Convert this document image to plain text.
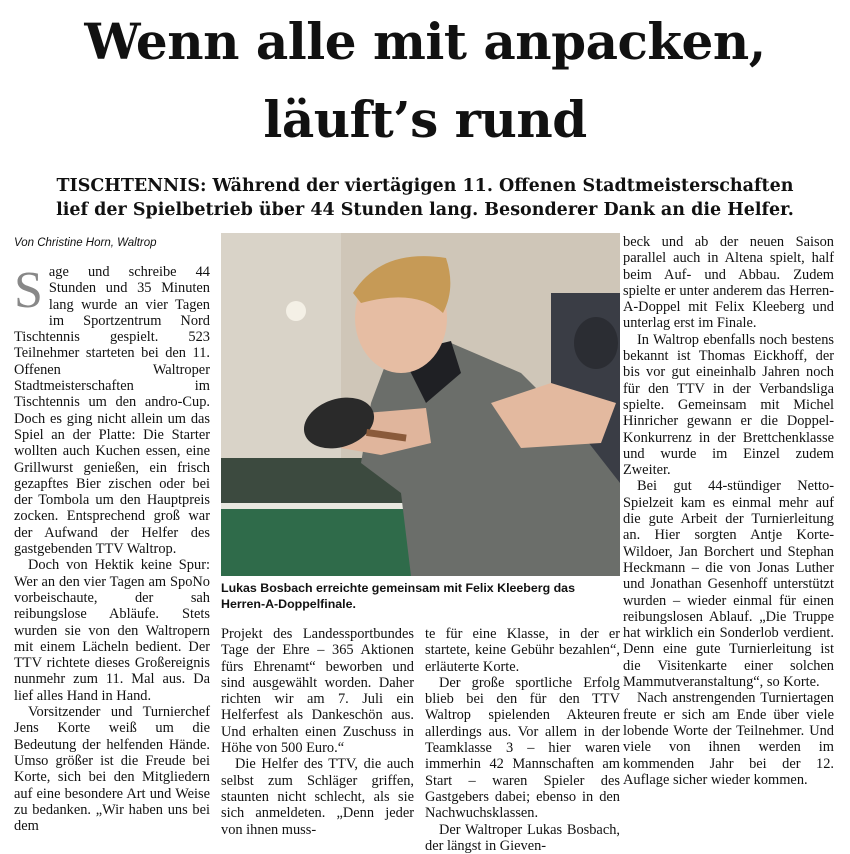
Wenn alle mit anpacken,
läuft’s rund
TISCHTENNIS: Während der viertägigen 11. Offenen Stadtmeisterschaften
lief der Spielbetrieb über 44 Stunden lang. Besonderer Dank an die Helfer.
Von Christine Horn, Waltrop

Sage und schreibe 44 Stunden und 35 Minuten lang wurde an vier Tagen im Sportzentrum Nord Tischtennis gespielt. 523 Teilnehmer starteten bei den 11. Offenen Waltroper Stadtmeisterschaften im Tischtennis um den andro-Cup. Doch es ging nicht allein um das Spiel an der Platte: Die Starter wollten auch Kuchen essen, eine Grillwurst genießen, ein frisch gezapftes Bier zischen oder bei der Tombola um den Hauptpreis zocken. Entsprechend groß war der Aufwand der Helfer des gastgebenden TTV Waltrop.

Doch von Hektik keine Spur: Wer an den vier Tagen am SpoNo vorbeischaute, der sah reibungslose Abläufe. Stets wurden sie von den Waltropern mit einem Lächeln bedient. Der TTV richtete dieses Großereignis nunmehr zum 11. Mal aus. Da lief alles Hand in Hand.

Vorsitzender und Turnierchef Jens Korte weiß um die Bedeutung der helfenden Hände. Umso größer ist die Freude bei Korte, sich bei den Mitgliedern auf eine besondere Art und Weise zu bedanken. „Wir haben uns bei dem

Lukas Bosbach erreichte gemeinsam mit Felix Kleeberg das Herren-A-Doppelfinale.

Projekt des Landessportbundes Tage der Ehre – 365 Aktionen fürs Ehrenamt“ beworben und sind ausgewählt worden. Daher richten wir am 7. Juli ein Helferfest als Dankeschön aus. Und erhalten einen Zuschuss in Höhe von 500 Euro.“

Die Helfer des TTV, die auch selbst zum Schläger griffen, staunten nicht schlecht, als sie sich anmeldeten. „Denn jeder von ihnen muss-

te für eine Klasse, in der er startete, keine Gebühr bezahlen“, erläuterte Korte.

Der große sportliche Erfolg blieb bei den für den TTV Waltrop spielenden Akteuren allerdings aus. Vor allem in der Teamklasse 3 – hier waren immerhin 42 Mannschaften am Start – waren Spieler des Gastgebers dabei; ebenso in den Nachwuchsklassen.

Der Waltroper Lukas Bosbach, der längst in Gieven-

beck und ab der neuen Saison parallel auch in Altena spielt, half beim Auf- und Abbau. Zudem spielte er unter anderem das Herren-A-Doppel mit Felix Kleeberg und unterlag erst im Finale.

In Waltrop ebenfalls noch bestens bekannt ist Thomas Eickhoff, der bis vor gut eineinhalb Jahren noch für den TTV in der Verbandsliga spielte. Gemeinsam mit Michel Hinricher gewann er die Doppel-Konkurrenz in der Brettchenklasse und wurde im Einzel zudem Zweiter.

Bei gut 44-stündiger Netto-Spielzeit kam es einmal mehr auf die gute Arbeit der Turnierleitung an. Hier sorgten Antje Korte-Wildoer, Jan Borchert und Stephan Heckmann – die von Jonas Luther und Jonathan Gesenhoff unterstützt wurden – wieder einmal für einen reibungslosen Ablauf. „Die Truppe hat wirklich ein Sonderlob verdient. Denn eine gute Turnierleitung ist die Visitenkarte einer solchen Mammutveranstaltung“, so Korte.

Nach anstrengenden Turniertagen freute er sich am Ende über viele lobende Worte der Teilnehmer. Und viele von ihnen werden im kommenden Jahr bei der 12. Auflage sicher wieder kommen.
